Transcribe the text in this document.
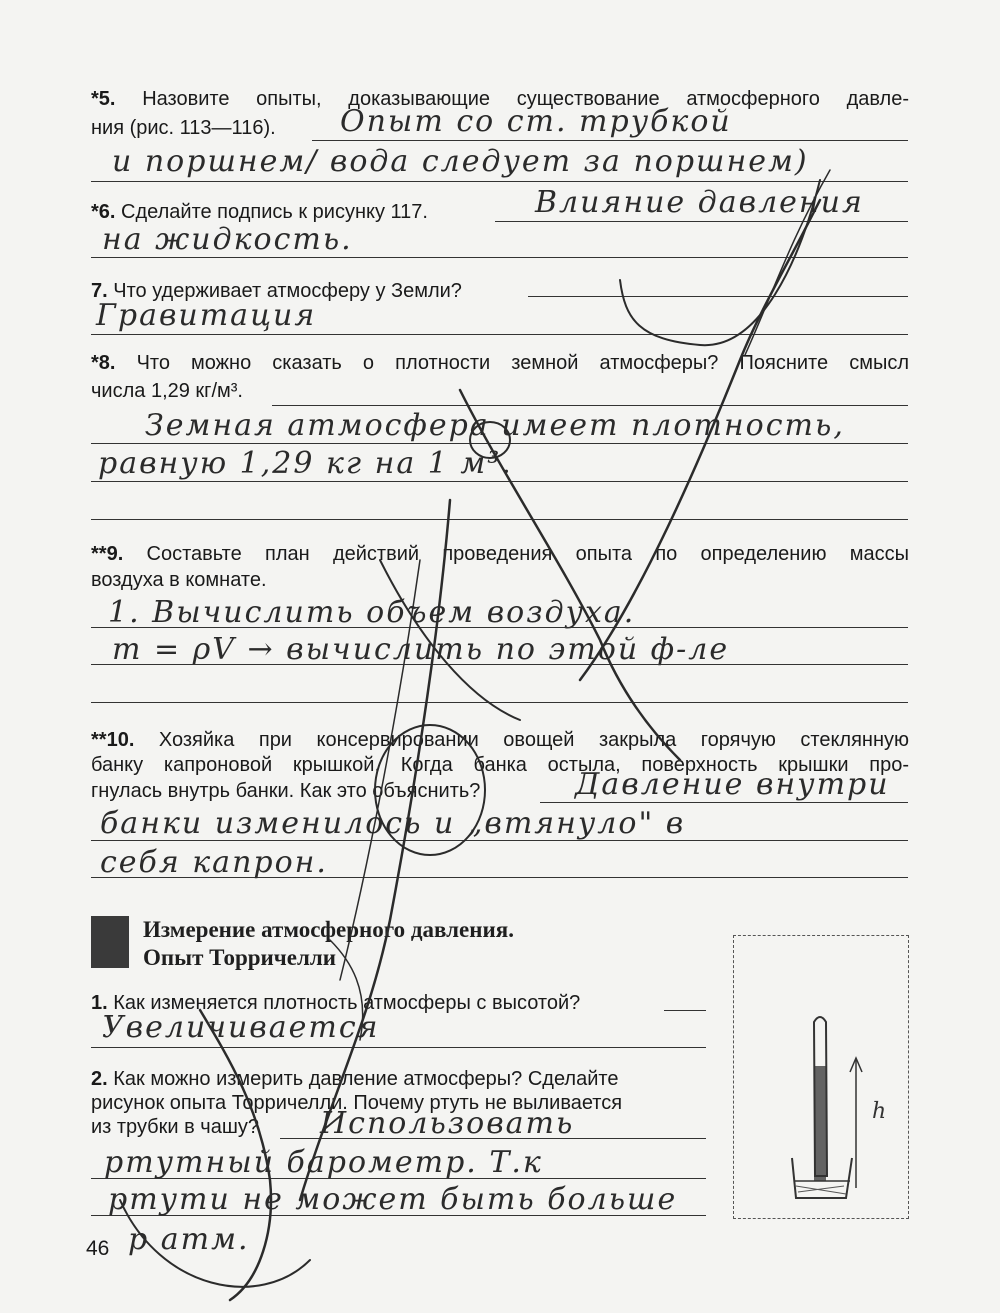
*5. Назовите опыты, доказывающие существование атмосферного давле-
ния (рис. 113—116). Опыт со ст. трубкой
и поршнем/ вода следует за поршнем)
*6. Сделайте подпись к рисунку 117.	Влияние давления
на жидкость.
7. Что удерживает атмосферу у Земли?
Гравитация
*8. Что можно сказать о плотности земной атмосферы? Поясните смысл
числа 1,29 кг/м³.
Земная атмосфера имеет плотность,
равную 1,29 кг на 1 м³.
**9. Составьте план действий проведения опыта по определению массы
воздуха в комнате.
1. Вычислить объем воздуха.
m = ρV → вычислить по этой ф-ле
**10. Хозяйка при консервировании овощей закрыла горячую стеклянную
банку капроновой крышкой. Когда банка остыла, поверхность крышки про-
гнулась внутрь банки. Как это объяснить?	Давление внутри
банки изменилось и „втянуло" в
себя капрон.
Измерение атмосферного давления.
Опыт Торричелли
1. Как изменяется плотность атмосферы с высотой?
Увеличивается
2. Как можно измерить давление атмосферы? Сделайте
рисунок опыта Торричелли. Почему ртуть не выливается
из трубки в чашу? Использовать
ртутный барометр. Т.к
ртути не может быть больше
р атм.
h
46
